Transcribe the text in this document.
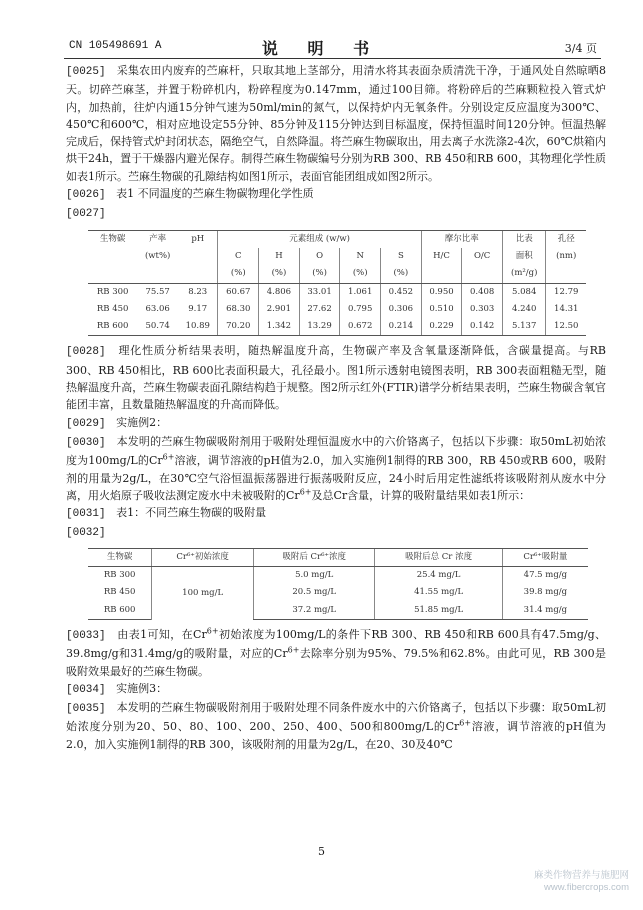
CN 105498691 A	说 明 书	3/4 页

[0025] 采集农田内废弃的苎麻杆，只取其地上茎部分，用清水将其表面杂质清洗干净，于通风处自然晾晒8天。切碎苎麻茎，并置于粉碎机内，粉碎程度为0.147mm，通过100目筛。将粉碎后的苎麻颗粒投入管式炉内，加热前，往炉内通15分钟气速为50ml/min的氮气，以保持炉内无氧条件。分别设定反应温度为300℃、450℃和600℃，相对应地设定55分钟、85分钟及115分钟达到目标温度，保持恒温时间120分钟。恒温热解完成后，保持管式炉封闭状态，隔绝空气，自然降温。将苎麻生物碳取出，用去离子水洗涤2-4次，60℃烘箱内烘干24h，置于干燥器内避光保存。制得苎麻生物碳编号分别为RB 300、RB 450和RB 600，其物理化学性质如表1所示。苎麻生物碳的孔隙结构如图1所示，表面官能团组成如图2所示。

[0026] 表1 不同温度的苎麻生物碳物理化学性质

[0027]

生物碳	产率	pH	元素组成 (w/w)					摩尔比率		比表	孔径
	(wt%)		C	H	O	N	S	H/C	O/C	面积	(nm)
			(%)	(%)	(%)	(%)	(%)			(m²/g)	
RB 300	75.57	8.23	60.67	4.806	33.01	1.061	0.452	0.950	0.408	5.084	12.79
RB 450	63.06	9.17	68.30	2.901	27.62	0.795	0.306	0.510	0.303	4.240	14.31
RB 600	50.74	10.89	70.20	1.342	13.29	0.672	0.214	0.229	0.142	5.137	12.50

[0028] 理化性质分析结果表明，随热解温度升高，生物碳产率及含氧量逐渐降低，含碳量提高。与RB 300、RB 450相比，RB 600比表面积最大，孔径最小。图1所示透射电镜图表明，RB 300表面粗糙无型，随热解温度升高，苎麻生物碳表面孔隙结构趋于规整。图2所示红外(FTIR)谱学分析结果表明，苎麻生物碳含氧官能团丰富，且数量随热解温度的升高而降低。

[0029] 实施例2：

[0030] 本发明的苎麻生物碳吸附剂用于吸附处理恒温废水中的六价铬离子，包括以下步骤：取50mL初始浓度为100mg/L的$Cr^{6+}$溶液，调节溶液的pH值为2.0，加入实施例1制得的RB 300，RB 450或RB 600，吸附剂的用量为2g/L，在30℃空气浴恒温振荡器进行振荡吸附反应，24小时后用定性滤纸将该吸附剂从废水中分离，用火焰原子吸收法测定废水中未被吸附的$Cr^{6+}$及总Cr含量，计算的吸附量结果如表1所示：

[0031] 表1：不同苎麻生物碳的吸附量

[0032]

生物碳	Cr⁶⁺初始浓度	吸附后 Cr⁶⁺浓度	吸附后总 Cr 浓度	Cr⁶⁺吸附量
RB 300	100 mg/L	5.0 mg/L	25.4 mg/L	47.5 mg/g
RB 450		20.5 mg/L	41.55 mg/L	39.8 mg/g
RB 600		37.2 mg/L	51.85 mg/L	31.4 mg/g

[0033] 由表1可知，在$Cr^{6+}$初始浓度为100mg/L的条件下RB 300、RB 450和RB 600具有47.5mg/g、39.8mg/g和31.4mg/g的吸附量，对应的$Cr^{6+}$去除率分别为95%、79.5%和62.8%。由此可见，RB 300是吸附效果最好的苎麻生物碳。

[0034] 实施例3：

[0035] 本发明的苎麻生物碳吸附剂用于吸附处理不同条件废水中的六价铬离子，包括以下步骤：取50mL初始浓度分别为20、50、80、100、200、250、400、500和800mg/L的$Cr^{6+}$溶液，调节溶液的pH值为2.0，加入实施例1制得的RB 300，该吸附剂的用量为2g/L，在20、30及40℃

5
麻类作物营养与施肥网
www.fibercrops.com
